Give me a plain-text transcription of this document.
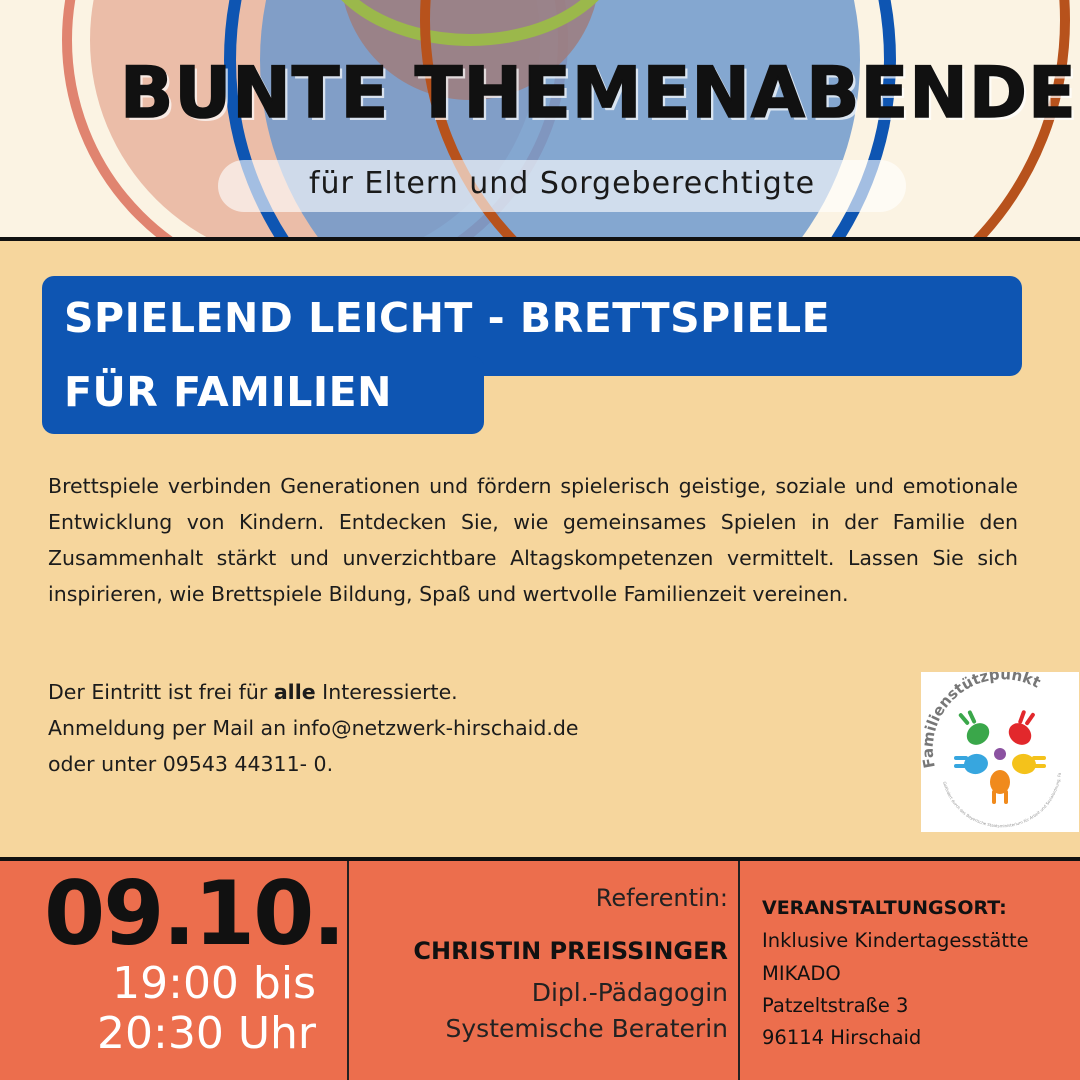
BUNTE THEMENABENDE
für Eltern und Sorgeberechtigte
SPIELEND LEICHT - BRETTSPIELE
FÜR FAMILIEN
Brettspiele verbinden Generationen und fördern spielerisch geistige, soziale und emotionale Entwicklung von Kindern. Entdecken Sie, wie gemeinsames Spielen in der Familie den Zusammenhalt stärkt und unverzichtbare Altagskompetenzen vermittelt. Lassen Sie sich inspirieren, wie Brettspiele Bildung, Spaß und wertvolle Familienzeit vereinen.
Der Eintritt ist frei für alle Interessierte.
Anmeldung per Mail an info@netzwerk-hirschaid.de
oder unter 09543 44311- 0.	F ilienstützpunkt
Gefördert durch das Bayerische Staatsministerium für Arbeit und Sozialordnung, Fa
09.10.
19:00 bis
20:30 Uhr
Referentin:
CHRISTIN PREISSINGER
Dipl.-Pädagogin
Systemische Beraterin
VERANSTALTUNGSORT:
Inklusive Kindertagesstätte
MIKADO
Patzeltstraße 3
96114 Hirschaid
